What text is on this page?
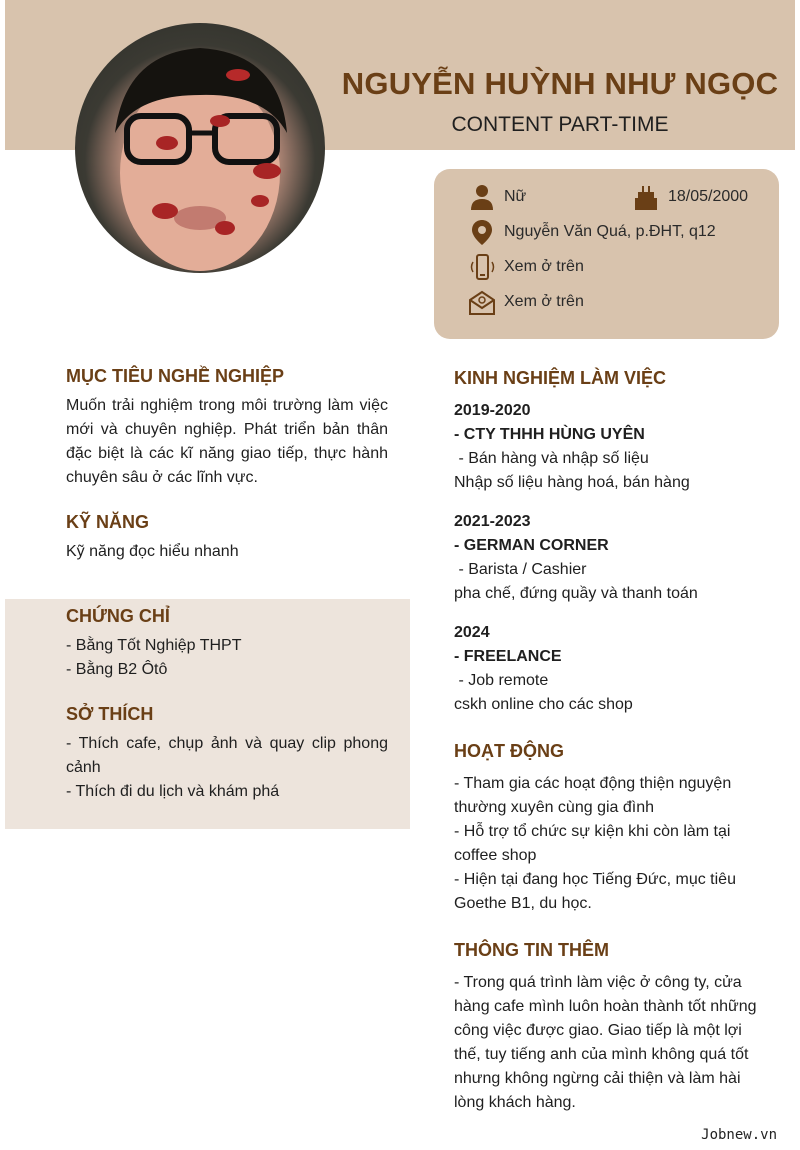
NGUYỄN HUỲNH NHƯ NGỌC
CONTENT PART-TIME
Nữ	18/05/2000
Nguyễn Văn Quá, p.ĐHT, q12
Xem ở trên
Xem ở trên
MỤC TIÊU NGHỀ NGHIỆP
Muốn trải nghiệm trong môi trường làm việc mới và chuyên nghiệp. Phát triển bản thân đặc biệt là các kĩ năng giao tiếp, thực hành chuyên sâu ở các lĩnh vực.
KỸ NĂNG
Kỹ năng đọc hiểu nhanh
CHỨNG CHỈ
- Bằng Tốt Nghiệp THPT
- Bằng B2 Ôtô
SỞ THÍCH
- Thích cafe, chụp ảnh và quay clip phong cảnh
- Thích đi du lịch và khám phá
KINH NGHIỆM LÀM VIỆC
2019-2020
- CTY THHH HÙNG UYÊN
- Bán hàng và nhập số liệu
Nhập số liệu hàng hoá, bán hàng
2021-2023
- GERMAN CORNER
- Barista / Cashier
pha chế, đứng quầy và thanh toán
2024
- FREELANCE
- Job remote
cskh online cho các shop
HOẠT ĐỘNG
- Tham gia các hoạt động thiện nguyện
thường xuyên cùng gia đình
- Hỗ trợ tổ chức sự kiện khi còn làm tại
coffee shop
- Hiện tại đang học Tiếng Đức, mục tiêu
Goethe B1, du học.
THÔNG TIN THÊM
- Trong quá trình làm việc ở công ty, cửa
hàng cafe mình luôn hoàn thành tốt những
công việc được giao. Giao tiếp là một lợi
thế, tuy tiếng anh của mình không quá tốt
nhưng không ngừng cải thiện và làm hài
lòng khách hàng.
Jobnew.vn
